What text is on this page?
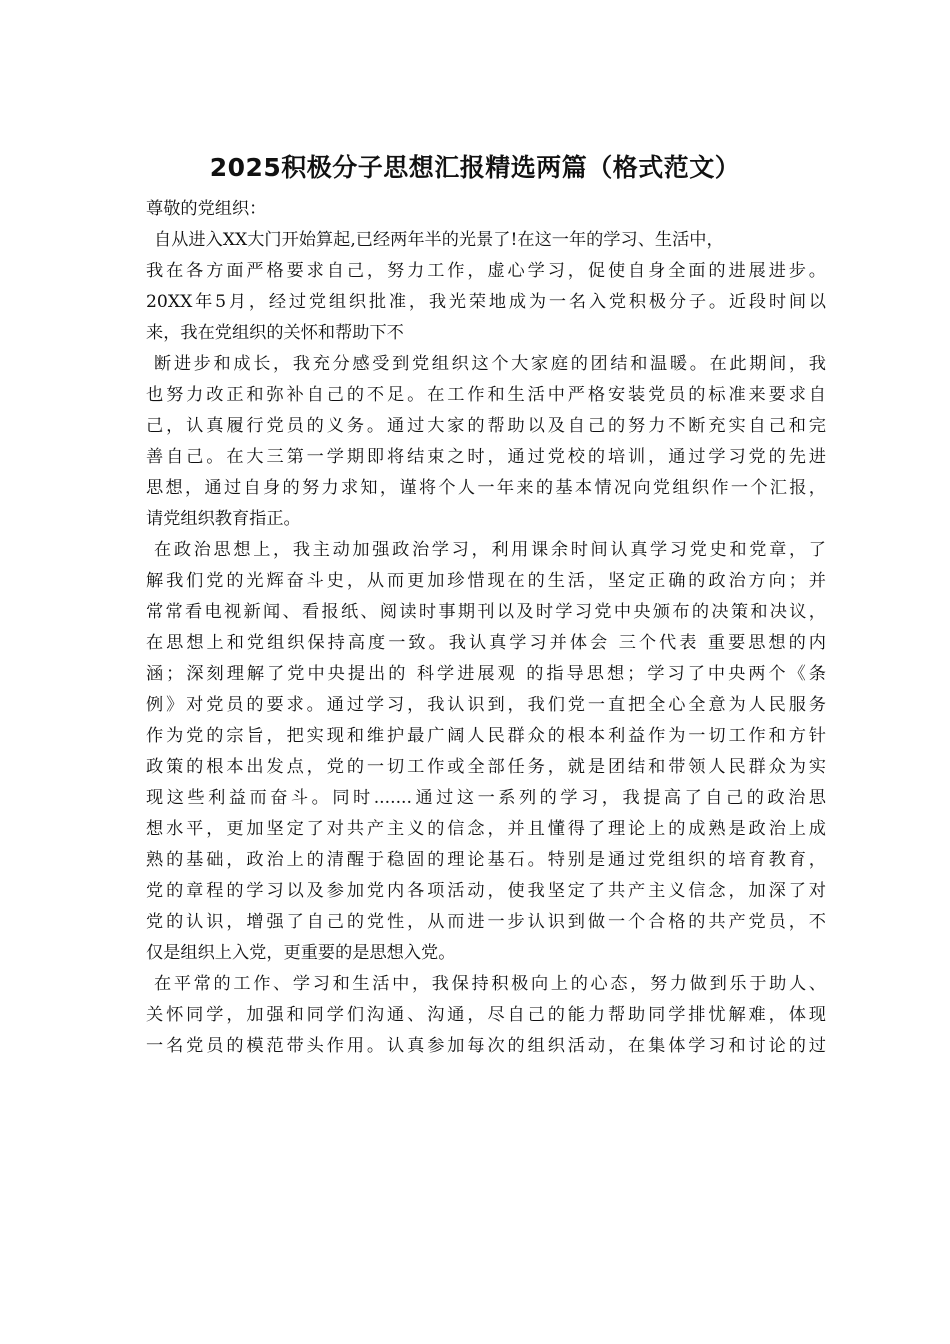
2025积极分子思想汇报精选两篇（格式范文）
尊敬的党组织：
自从进入XX大门开始算起,已经两年半的光景了!在这一年的学习、生活中，
我在各方面严格要求自己，努力工作，虚心学习，促使自身全面的进展进步。
20XX年5月，经过党组织批准，我光荣地成为一名入党积极分子。近段时间以
来，我在党组织的关怀和帮助下不
断进步和成长，我充分感受到党组织这个大家庭的团结和温暖。在此期间，我
也努力改正和弥补自己的不足。在工作和生活中严格安装党员的标准来要求自
己，认真履行党员的义务。通过大家的帮助以及自己的努力不断充实自己和完
善自己。在大三第一学期即将结束之时，通过党校的培训，通过学习党的先进
思想，通过自身的努力求知，谨将个人一年来的基本情况向党组织作一个汇报，
请党组织教育指正。
在政治思想上，我主动加强政治学习，利用课余时间认真学习党史和党章，了
解我们党的光辉奋斗史，从而更加珍惜现在的生活，坚定正确的政治方向；并
常常看电视新闻、看报纸、阅读时事期刊以及时学习党中央颁布的决策和决议，
在思想上和党组织保持高度一致。我认真学习并体会 三个代表 重要思想的内
涵；深刻理解了党中央提出的 科学进展观 的指导思想；学习了中央两个《条
例》对党员的要求。通过学习，我认识到，我们党一直把全心全意为人民服务
作为党的宗旨，把实现和维护最广阔人民群众的根本利益作为一切工作和方针
政策的根本出发点，党的一切工作或全部任务，就是团结和带领人民群众为实
现这些利益而奋斗。同时.......通过这一系列的学习，我提高了自己的政治思
想水平，更加坚定了对共产主义的信念，并且懂得了理论上的成熟是政治上成
熟的基础，政治上的清醒于稳固的理论基石。特别是通过党组织的培育教育，
党的章程的学习以及参加党内各项活动，使我坚定了共产主义信念，加深了对
党的认识，增强了自己的党性，从而进一步认识到做一个合格的共产党员，不
仅是组织上入党，更重要的是思想入党。
在平常的工作、学习和生活中，我保持积极向上的心态，努力做到乐于助人、
关怀同学，加强和同学们沟通、沟通，尽自己的能力帮助同学排忧解难，体现
一名党员的模范带头作用。认真参加每次的组织活动，在集体学习和讨论的过
